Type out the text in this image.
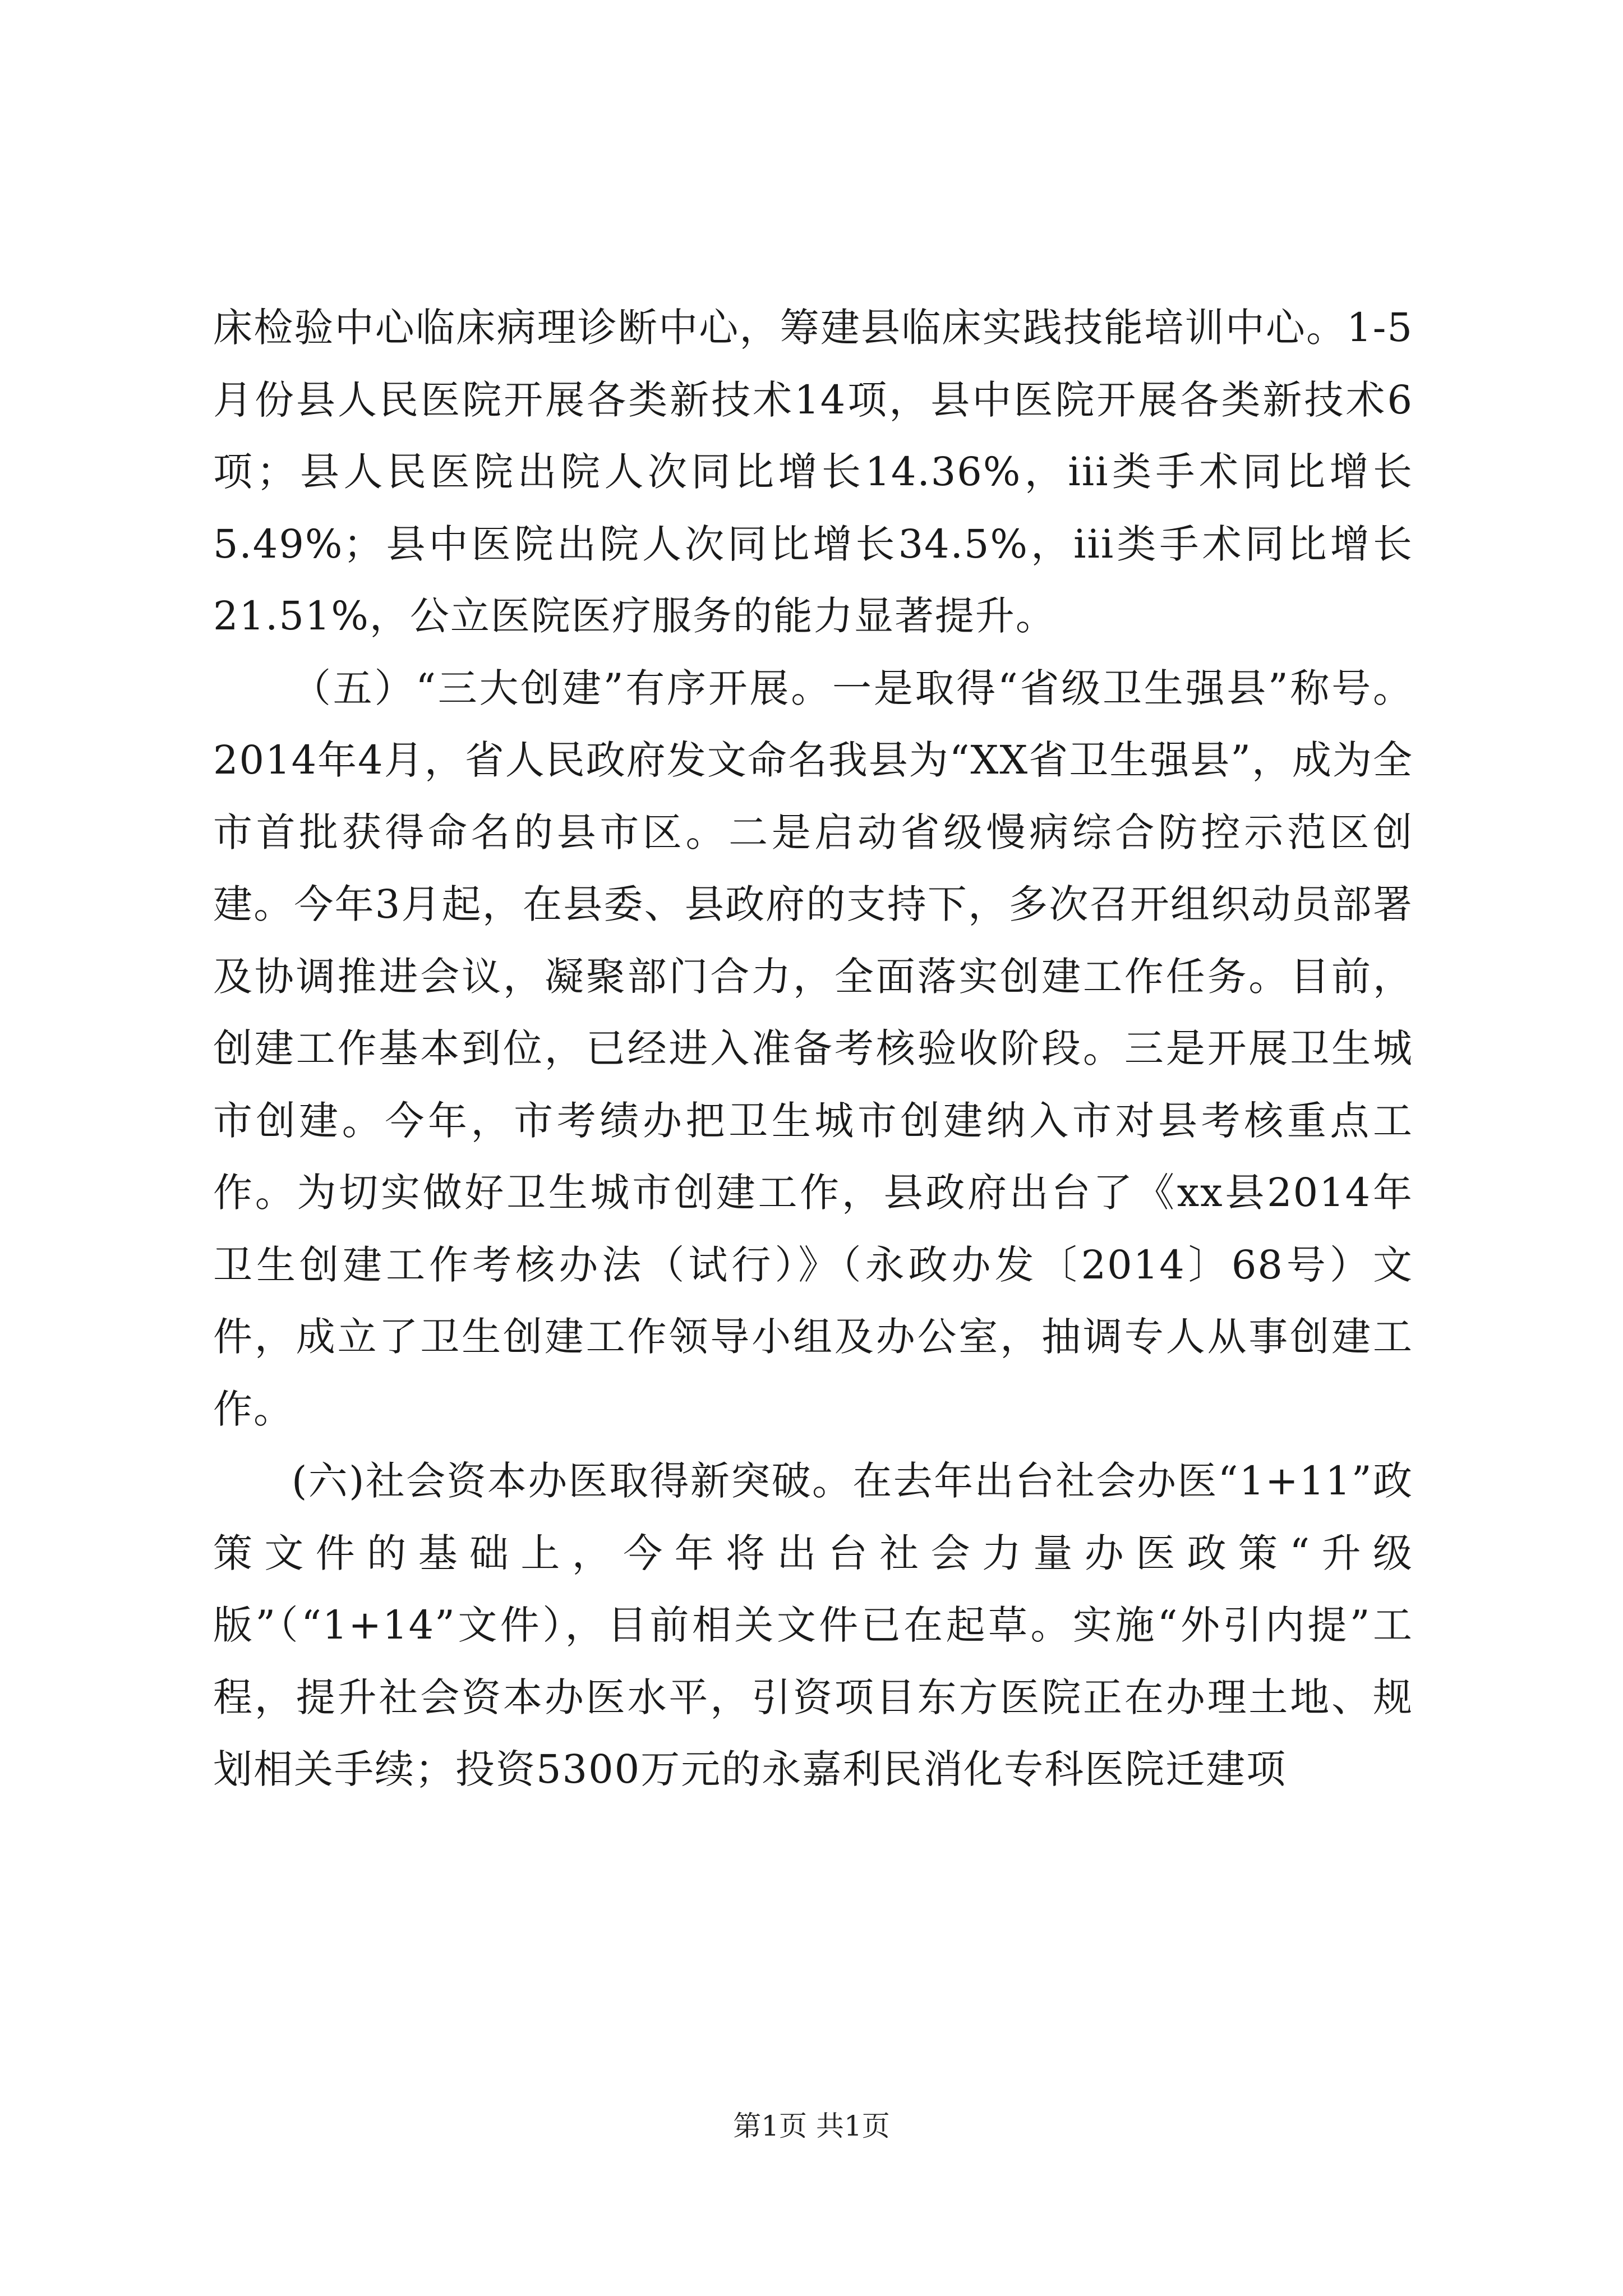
床检验中心临床病理诊断中心，筹建县临床实践技能培训中心。1-5月份县人民医院开展各类新技术14项，县中医院开展各类新技术6项；县人民医院出院人次同比增长14.36%，iii类手术同比增长5.49%；县中医院出院人次同比增长34.5%，iii类手术同比增长21.51%，公立医院医疗服务的能力显著提升。

（五）“三大创建”有序开展。一是取得“省级卫生强县”称号。2014年4月，省人民政府发文命名我县为“XX省卫生强县”，成为全市首批获得命名的县市区。二是启动省级慢病综合防控示范区创建。今年3月起，在县委、县政府的支持下，多次召开组织动员部署及协调推进会议，凝聚部门合力，全面落实创建工作任务。目前，创建工作基本到位，已经进入准备考核验收阶段。三是开展卫生城市创建。今年，市考绩办把卫生城市创建纳入市对县考核重点工作。为切实做好卫生城市创建工作，县政府出台了《xx县2014年卫生创建工作考核办法（试行）》（永政办发〔2014〕68号）文件，成立了卫生创建工作领导小组及办公室，抽调专人从事创建工作。

(六)社会资本办医取得新突破。在去年出台社会办医“1+11”政策文件的基础上，今年将出台社会力量办医政策“升级版”（“1+14”文件），目前相关文件已在起草。实施“外引内提”工程，提升社会资本办医水平，引资项目东方医院正在办理土地、规划相关手续；投资5300万元的永嘉利民消化专科医院迁建项

第1页 共1页
